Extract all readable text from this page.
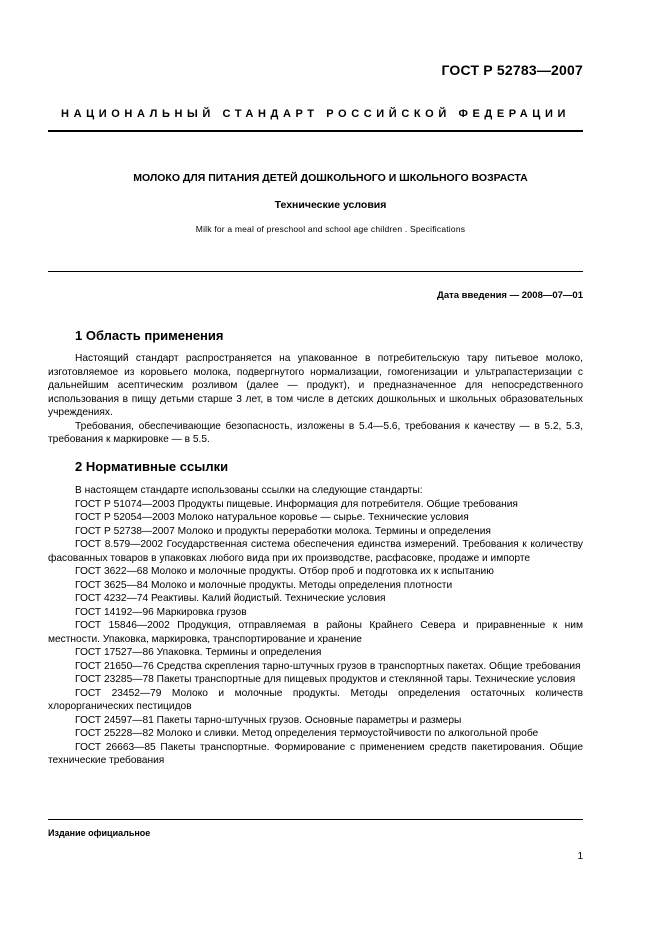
ГОСТ Р 52783—2007
НАЦИОНАЛЬНЫЙ СТАНДАРТ РОССИЙСКОЙ ФЕДЕРАЦИИ
МОЛОКО ДЛЯ ПИТАНИЯ ДЕТЕЙ ДОШКОЛЬНОГО И ШКОЛЬНОГО ВОЗРАСТА
Технические условия
Milk for a meal of preschool and school age children . Specifications
Дата введения — 2008—07—01
1 Область применения

Настоящий стандарт распространяется на упакованное в потребительскую тару питьевое молоко, изготовляемое из коровьего молока, подвергнутого нормализации, гомогенизации и ультрапастеризации с дальнейшим асептическим розливом (далее — продукт), и предназначенное для непосредственного использования в пищу детьми старше 3 лет, в том числе в детских дошкольных и школьных образовательных учреждениях.

Требования, обеспечивающие безопасность, изложены в 5.4—5.6, требования к качеству — в 5.2, 5.3, требования к маркировке — в 5.5.

2 Нормативные ссылки

В настоящем стандарте использованы ссылки на следующие стандарты:

ГОСТ Р 51074—2003 Продукты пищевые. Информация для потребителя. Общие требования

ГОСТ Р 52054—2003 Молоко натуральное коровье — сырье. Технические условия

ГОСТ Р 52738—2007 Молоко и продукты переработки молока. Термины и определения

ГОСТ 8.579—2002 Государственная система обеспечения единства измерений. Требования к количеству фасованных товаров в упаковках любого вида при их производстве, расфасовке, продаже и импорте

ГОСТ 3622—68 Молоко и молочные продукты. Отбор проб и подготовка их к испытанию

ГОСТ 3625—84 Молоко и молочные продукты. Методы определения плотности

ГОСТ 4232—74 Реактивы. Калий йодистый. Технические условия

ГОСТ 14192—96 Маркировка грузов

ГОСТ 15846—2002 Продукция, отправляемая в районы Крайнего Севера и приравненные к ним местности. Упаковка, маркировка, транспортирование и хранение

ГОСТ 17527—86 Упаковка. Термины и определения

ГОСТ 21650—76 Средства скрепления тарно-штучных грузов в транспортных пакетах. Общие требования

ГОСТ 23285—78 Пакеты транспортные для пищевых продуктов и стеклянной тары. Технические условия

ГОСТ 23452—79 Молоко и молочные продукты. Методы определения остаточных количеств хлорорганических пестицидов

ГОСТ 24597—81 Пакеты тарно-штучных грузов. Основные параметры и размеры

ГОСТ 25228—82 Молоко и сливки. Метод определения термоустойчивости по алкогольной пробе

ГОСТ 26663—85 Пакеты транспортные. Формирование с применением средств пакетирования. Общие технические требования

Издание официальное
1
